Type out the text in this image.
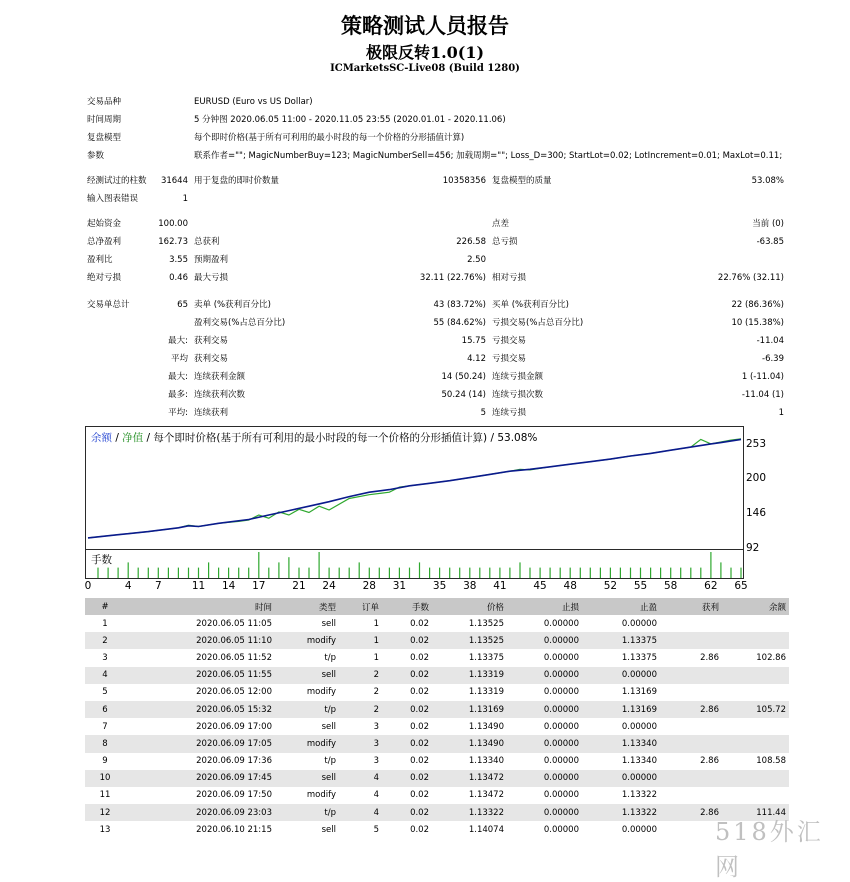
策略测试人员报告
极限反转1.0(1)
ICMarketsSC-Live08 (Build 1280)
交易品种	EURUSD (Euro vs US Dollar)
时间周期	5 分钟图 2020.06.05 11:00 - 2020.11.05 23:55 (2020.01.01 - 2020.11.06)
复盘模型	每个即时价格(基于所有可利用的最小时段的每一个价格的分形插值计算)
参数	联系作者=""; MagicNumberBuy=123; MagicNumberSell=456; 加载周期=""; Loss_D=300; StartLot=0.02; LotIncrement=0.01; MaxLot=0.11;
经测试过的柱数	31644 用于复盘的即时价数量	10358356 复盘模型的质量	53.08%
输入图表错误	1
起始资金	100.00	点差	当前 (0)
总净盈利	162.73 总获利	226.58 总亏损	-63.85
盈利比	3.55 预期盈利	2.50
绝对亏损	0.46 最大亏损	32.11 (22.76%) 相对亏损	22.76% (32.11)
交易单总计	65 卖单 (%获利百分比)	43 (83.72%) 买单 (%获利百分比)	22 (86.36%)
盈利交易(%占总百分比)	55 (84.62%) 亏损交易(%占总百分比)	10 (15.38%)
最大: 获利交易	15.75 亏损交易	-11.04
平均 获利交易	4.12 亏损交易	-6.39
最大: 连续获利金额	14 (50.24) 连续亏损金额	1 (-11.04)
最多: 连续获利次数	50.24 (14) 连续亏损次数	-11.04 (1)
平均: 连续获利	5 连续亏损	1
余额 / 净值 / 每个即时价格(基于所有可利用的最小时段的每一个价格的分形插值计算) / 53.08%	253
200
146
92
手数
0	4 7	11 14 17	21 24	28 31	35 38 41	45 48	52 55 58	62 65
#	时间	类型	订单	手数	价格	止损	止盈	获利	余额
1	2020.06.05 11:05	sell	1	0.02	1.13525	0.00000	0.00000		
2	2020.06.05 11:10	modify	1	0.02	1.13525	0.00000	1.13375		
3	2020.06.05 11:52	t/p	1	0.02	1.13375	0.00000	1.13375	2.86	102.86
4	2020.06.05 11:55	sell	2	0.02	1.13319	0.00000	0.00000		
5	2020.06.05 12:00	modify	2	0.02	1.13319	0.00000	1.13169		
6	2020.06.05 15:32	t/p	2	0.02	1.13169	0.00000	1.13169	2.86	105.72
7	2020.06.09 17:00	sell	3	0.02	1.13490	0.00000	0.00000		
8	2020.06.09 17:05	modify	3	0.02	1.13490	0.00000	1.13340		
9	2020.06.09 17:36	t/p	3	0.02	1.13340	0.00000	1.13340	2.86	108.58
10	2020.06.09 17:45	sell	4	0.02	1.13472	0.00000	0.00000		
11	2020.06.09 17:50	modify	4	0.02	1.13472	0.00000	1.13322		
12	2020.06.09 23:03	t/p	4	0.02	1.13322	0.00000	1.13322	2.86	111.44
13	2020.06.10 21:15	sell	5	0.02	1.14074	0.00000	0.00000		518外汇网
